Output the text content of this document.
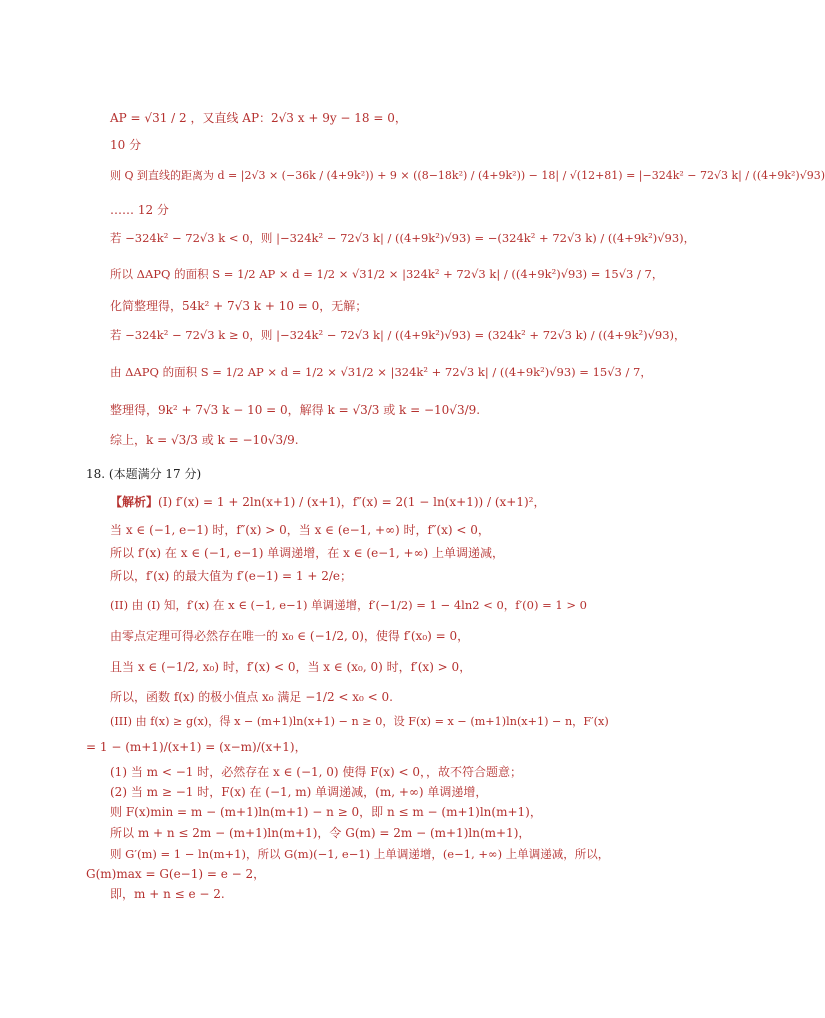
AP = √31 / 2 ，又直线 AP：2√3 x + 9y − 18 = 0，
10 分
则 Q 到直线的距离为 d = |2√3 × (−36k / (4+9k²)) + 9 × ((8−18k²) / (4+9k²)) − 18| / √(12+81) = |−324k² − 72√3 k| / ((4+9k²)√93)
…… 12 分
若 −324k² − 72√3 k < 0，则 |−324k² − 72√3 k| / ((4+9k²)√93) = −(324k² + 72√3 k) / ((4+9k²)√93)，
所以 ΔAPQ 的面积 S = 1/2 AP × d = 1/2 × √31/2 × |324k² + 72√3 k| / ((4+9k²)√93) = 15√3 / 7，
化简整理得，54k² + 7√3 k + 10 = 0，无解；
若 −324k² − 72√3 k ≥ 0，则 |−324k² − 72√3 k| / ((4+9k²)√93) = (324k² + 72√3 k) / ((4+9k²)√93)，
由 ΔAPQ 的面积 S = 1/2 AP × d = 1/2 × √31/2 × |324k² + 72√3 k| / ((4+9k²)√93) = 15√3 / 7，
整理得，9k² + 7√3 k − 10 = 0，解得 k = √3/3 或 k = −10√3/9.
综上，k = √3/3 或 k = −10√3/9.
18. (本题满分 17 分)
【解析】(I) f′(x) = 1 + 2ln(x+1) / (x+1)，f″(x) = 2(1 − ln(x+1)) / (x+1)²，
当 x ∈ (−1, e−1) 时，f″(x) > 0，当 x ∈ (e−1, +∞) 时，f″(x) < 0，
所以 f′(x) 在 x ∈ (−1, e−1) 单调递增，在 x ∈ (e−1, +∞) 上单调递减，
所以，f′(x) 的最大值为 f′(e−1) = 1 + 2/e；
(II) 由 (I) 知，f′(x) 在 x ∈ (−1, e−1) 单调递增，f′(−1/2) = 1 − 4ln2 < 0，f′(0) = 1 > 0
由零点定理可得必然存在唯一的 x₀ ∈ (−1/2, 0)，使得 f′(x₀) = 0，
且当 x ∈ (−1/2, x₀) 时，f′(x) < 0，当 x ∈ (x₀, 0) 时，f′(x) > 0，
所以，函数 f(x) 的极小值点 x₀ 满足 −1/2 < x₀ < 0.
(III) 由 f(x) ≥ g(x)，得 x − (m+1)ln(x+1) − n ≥ 0，设 F(x) = x − (m+1)ln(x+1) − n，F′(x)
= 1 − (m+1)/(x+1) = (x−m)/(x+1)，
(1) 当 m < −1 时，必然存在 x ∈ (−1, 0) 使得 F(x) < 0，，故不符合题意；
(2) 当 m ≥ −1 时，F(x) 在 (−1, m) 单调递减，(m, +∞) 单调递增，
则 F(x)min = m − (m+1)ln(m+1) − n ≥ 0，即 n ≤ m − (m+1)ln(m+1)，
所以 m + n ≤ 2m − (m+1)ln(m+1)，令 G(m) = 2m − (m+1)ln(m+1)，
则 G′(m) = 1 − ln(m+1)，所以 G(m)(−1, e−1) 上单调递增，(e−1, +∞) 上单调递减，所以，
G(m)max = G(e−1) = e − 2，
即，m + n ≤ e − 2.
